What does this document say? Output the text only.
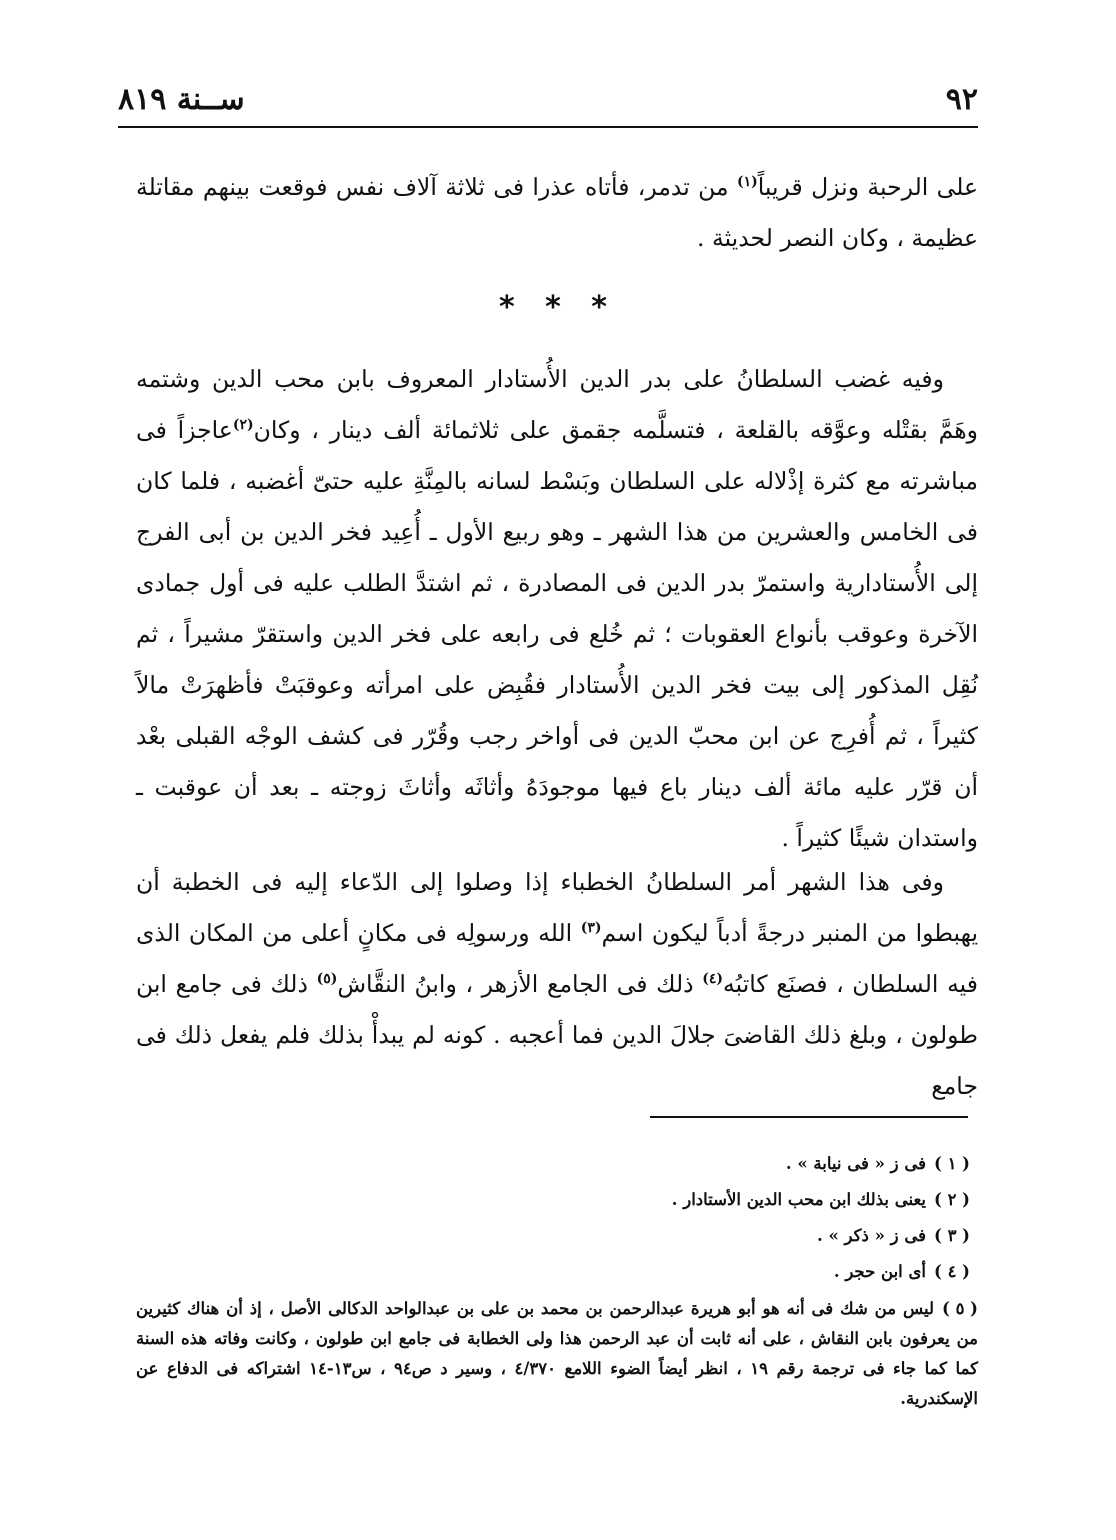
٩٢
ســنة ٨١٩

على الرحبة ونزل قريباً$^{(١)}$ من تدمر، فأتاه عذرا فى ثلاثة آلاف نفس فوقعت بينهم مقاتلة عظيمة ، وكان النصر لحديثة .

* * *

وفيه غضب السلطانُ على بدر الدين الأُستادار المعروف بابن محب الدين وشتمه وهَمَّ بقتْله وعوَّقه بالقلعة ، فتسلَّمه جقمق على ثلاثمائة ألف دينار ، وكان$^{(٢)}$عاجزاً فى مباشرته مع كثرة إذْلاله على السلطان وبَسْط لسانه بالمِنَّةِ عليه حتىّ أغضبه ، فلما كان فى الخامس والعشرين من هذا الشهر ـ وهو ربيع الأول ـ أُعِيد فخر الدين بن أبى الفرج إلى الأُستادارية واستمرّ بدر الدين فى المصادرة ، ثم اشتدَّ الطلب عليه فى أول جمادى الآخرة وعوقب بأنواع العقوبات ؛ ثم خُلع فى رابعه على فخر الدين واستقرّ مشيراً ، ثم نُقِل المذكور إلى بيت فخر الدين الأُستادار فقُبِض على امرأته وعوقبَتْ فأظهرَتْ مالاً كثيراً ، ثم أُفرِج عن ابن محبّ الدين فى أواخر رجب وقُرّر فى كشف الوجْه القبلى بعْد أن قرّر عليه مائة ألف دينار باع فيها موجودَهُ وأثاثَه وأثاثَ زوجته ـ بعد أن عوقبت ـ واستدان شيئًا كثيراً .

وفى هذا الشهر أمر السلطانُ الخطباء إذا وصلوا إلى الدّعاء إليه فى الخطبة أن يهبطوا من المنبر درجةً أدباً ليكون اسم$^{(٣)}$ الله ورسولِه فى مكانٍ أعلى من المكان الذى فيه السلطان ، فصنَع كاتبُه$^{(٤)}$ ذلك فى الجامع الأزهر ، وابنُ النقَّاش$^{(٥)}$ ذلك فى جامع ابن طولون ، وبلغ ذلك القاضىَ جلالَ الدين فما أعجبه . كونه لم يبدأْ بذلك فلم يفعل ذلك فى جامع

( ١ )فى ز « فى نيابة » .

( ٢ )يعنى بذلك ابن محب الدين الأستادار .

( ٣ )فى ز « ذكر » .

( ٤ )أى ابن حجر .

( ٥ )ليس من شك فى أنه هو أبو هريرة عبدالرحمن بن محمد بن على بن عبدالواحد الدكالى الأصل ، إذ أن هناك كثيرين من يعرفون بابن النقاش ، على أنه ثابت أن عبد الرحمن هذا ولى الخطابة فى جامع ابن طولون ، وكانت وفاته هذه السنة كما كما جاء فى ترجمة رقم ١٩ ، انظر أيضاً الضوء اللامع ٤/٣٧٠ ، وسير د ص٩٤ ، س١٣-١٤ اشتراكه فى الدفاع عن الإسكندرية.
